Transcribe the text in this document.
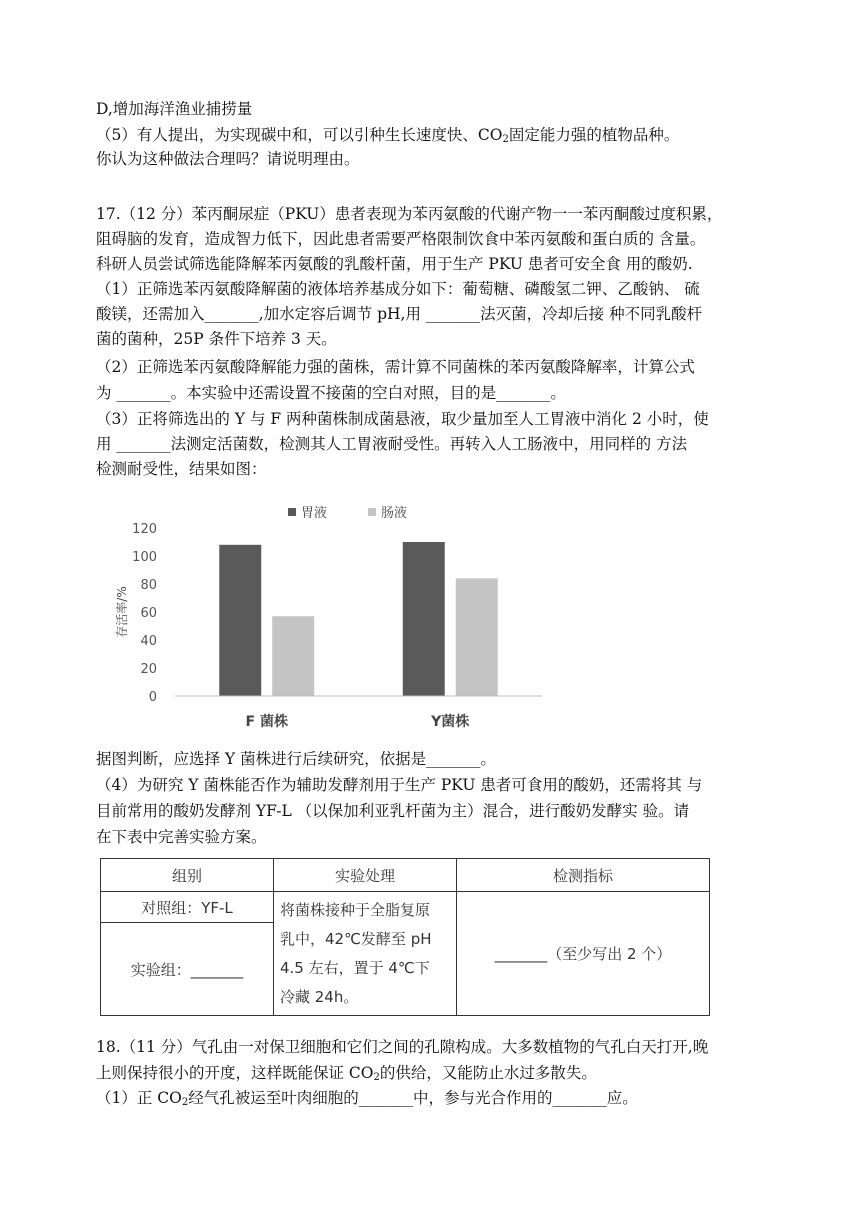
D,增加海洋渔业捕捞量
（5）有人提出，为实现碳中和，可以引种生长速度快、$CO_2$固定能力强的植物品种。
你认为这种做法合理吗？请说明理由。
17.（12 分）苯丙酮尿症（PKU）患者表现为苯丙氨酸的代谢产物一一苯丙酮酸过度积累，
阻碍脑的发育，造成智力低下，因此患者需要严格限制饮食中苯丙氨酸和蛋白质的 含量。
科研人员尝试筛选能降解苯丙氨酸的乳酸杆菌，用于生产 PKU 患者可安全食 用的酸奶.
（1）正筛选苯丙氨酸降解菌的液体培养基成分如下：葡萄糖、磷酸氢二钾、乙酸钠、 硫
酸镁，还需加入_______,加水定容后调节 pH,用 _______法灭菌，冷却后接 种不同乳酸杆
菌的菌种，25P 条件下培养 3 天。
（2）正筛选苯丙氨酸降解能力强的菌株，需计算不同菌株的苯丙氨酸降解率，计算公式
为 _______。本实验中还需设置不接菌的空白对照，目的是_______。
（3）正将筛选出的 Y 与 F 两种菌株制成菌悬液，取少量加至人工胃液中消化 2 小时，使
用 _______法测定活菌数，检测其人工胃液耐受性。再转入人工肠液中，用同样的 方法
检测耐受性，结果如图：
胃液	肠液
0
20
40
60
80
100
120
存活率/%
F 菌株	Y菌株
据图判断，应选择 Y 菌株进行后续研究，依据是_______。
（4）为研究 Y 菌株能否作为辅助发酵剂用于生产 PKU 患者可食用的酸奶，还需将其 与
目前常用的酸奶发酵剂 YF-L （以保加利亚乳杆菌为主）混合，进行酸奶发酵实 验。请
在下表中完善实验方案。
组别	实验处理	检测指标
对照组：YF-L	将菌株接种于全脂复原
乳中，42℃发酵至 pH
4.5 左右，置于 4℃下
冷藏 24h。	_______（至少写出 2 个）
实验组：_______		
18.（11 分）气孔由一对保卫细胞和它们之间的孔隙构成。大多数植物的气孔白天打开,晚
上则保持很小的开度，这样既能保证 $CO_2$的供给，又能防止水过多散失。
（1）正 $CO_2$经气孔被运至叶肉细胞的_______中，参与光合作用的_______应。
